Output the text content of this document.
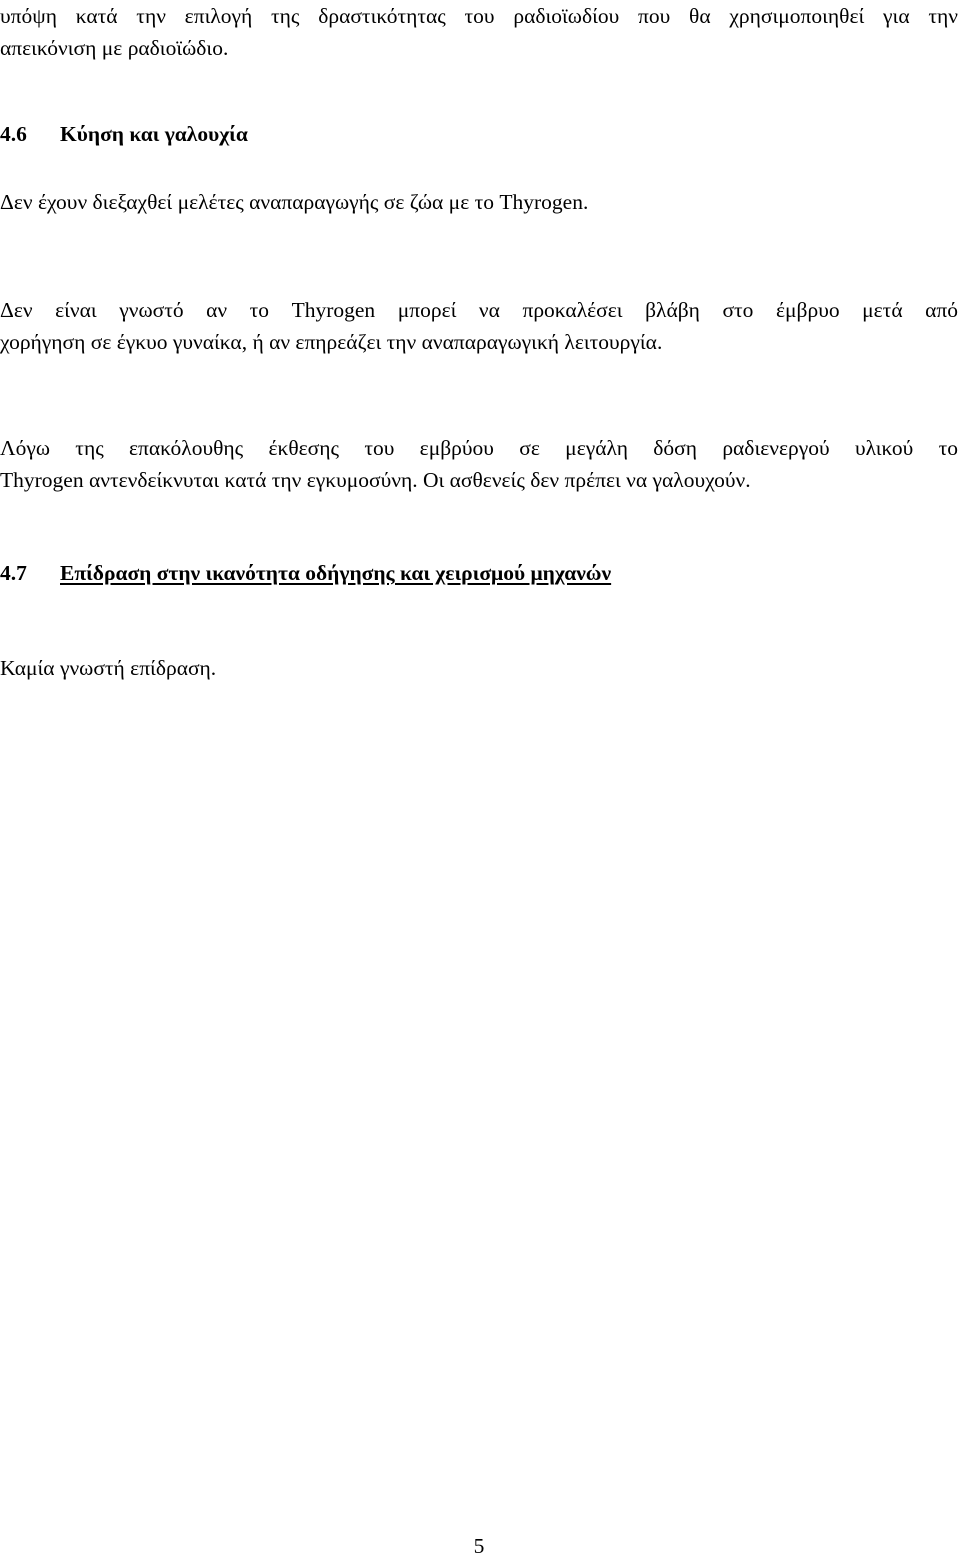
υπόψη κατά την επιλογή της δραστικότητας του ραδιοϊωδίου που θα χρησιμοποιηθεί για την
απεικόνιση με ραδιοϊώδιο.

4.6 Κύηση και γαλουχία

Δεν έχουν διεξαχθεί μελέτες αναπαραγωγής σε ζώα με το Thyrogen.

Δεν είναι γνωστό αν το Thyrogen μπορεί να προκαλέσει βλάβη στο έμβρυο μετά από
χορήγηση σε έγκυο γυναίκα, ή αν επηρεάζει την αναπαραγωγική λειτουργία.

Λόγω της επακόλουθης έκθεσης του εμβρύου σε μεγάλη δόση ραδιενεργού υλικού το
Thyrogen αντενδείκνυται κατά την εγκυμοσύνη. Οι ασθενείς δεν πρέπει να γαλουχούν.

4.7 Επίδραση στην ικανότητα οδήγησης και χειρισμού μηχανών

Καμία γνωστή επίδραση.

5
